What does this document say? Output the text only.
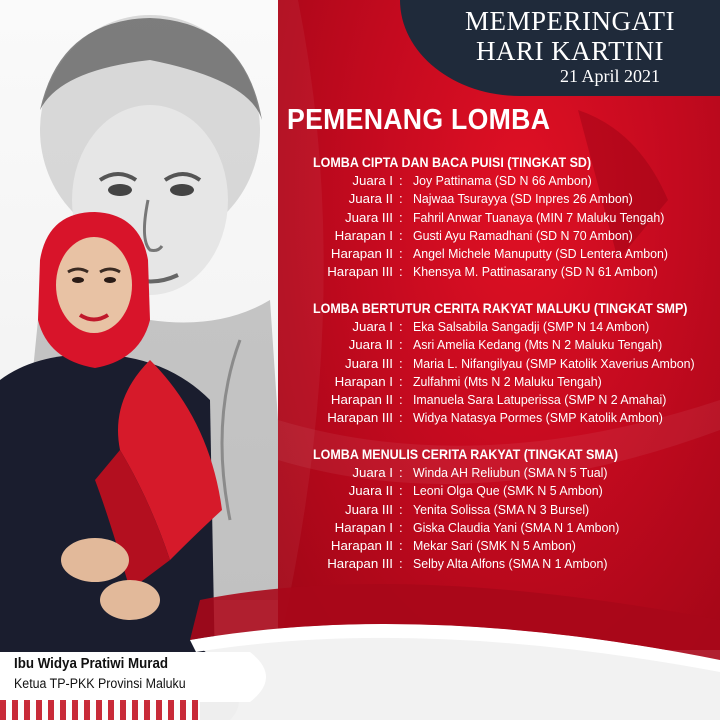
MEMPERINGATI
HARI KARTINI
21 April 2021
PEMENANG LOMBA
LOMBA CIPTA DAN BACA PUISI (TINGKAT SD)
Juara I : Joy Pattinama (SD N 66 Ambon)
Juara II : Najwaa Tsurayya (SD Inpres 26 Ambon)
Juara III : Fahril Anwar Tuanaya (MIN 7 Maluku Tengah)
Harapan I : Gusti Ayu Ramadhani (SD N 70 Ambon)
Harapan II : Angel Michele Manuputty (SD Lentera Ambon)
Harapan III : Khensya M. Pattinasarany (SD N 61 Ambon)
LOMBA BERTUTUR CERITA RAKYAT MALUKU (TINGKAT SMP)
Juara I : Eka Salsabila Sangadji (SMP N 14 Ambon)
Juara II : Asri Amelia Kedang (Mts N 2 Maluku Tengah)
Juara III : Maria L. Nifangilyau (SMP Katolik Xaverius Ambon)
Harapan I : Zulfahmi (Mts N 2 Maluku Tengah)
Harapan II : Imanuela Sara Latuperissa (SMP N 2 Amahai)
Harapan III : Widya Natasya Pormes (SMP Katolik Ambon)
LOMBA MENULIS CERITA RAKYAT (TINGKAT SMA)
Juara I : Winda AH Reliubun (SMA N 5 Tual)
Juara II : Leoni Olga Que (SMK N 5 Ambon)
Juara III : Yenita Solissa (SMA N 3 Bursel)
Harapan I : Giska Claudia Yani (SMA N 1 Ambon)
Harapan II : Mekar Sari (SMK N 5 Ambon)
Harapan III : Selby Alta Alfons (SMA N 1 Ambon)
Ibu Widya Pratiwi Murad
Ketua TP-PKK Provinsi Maluku
